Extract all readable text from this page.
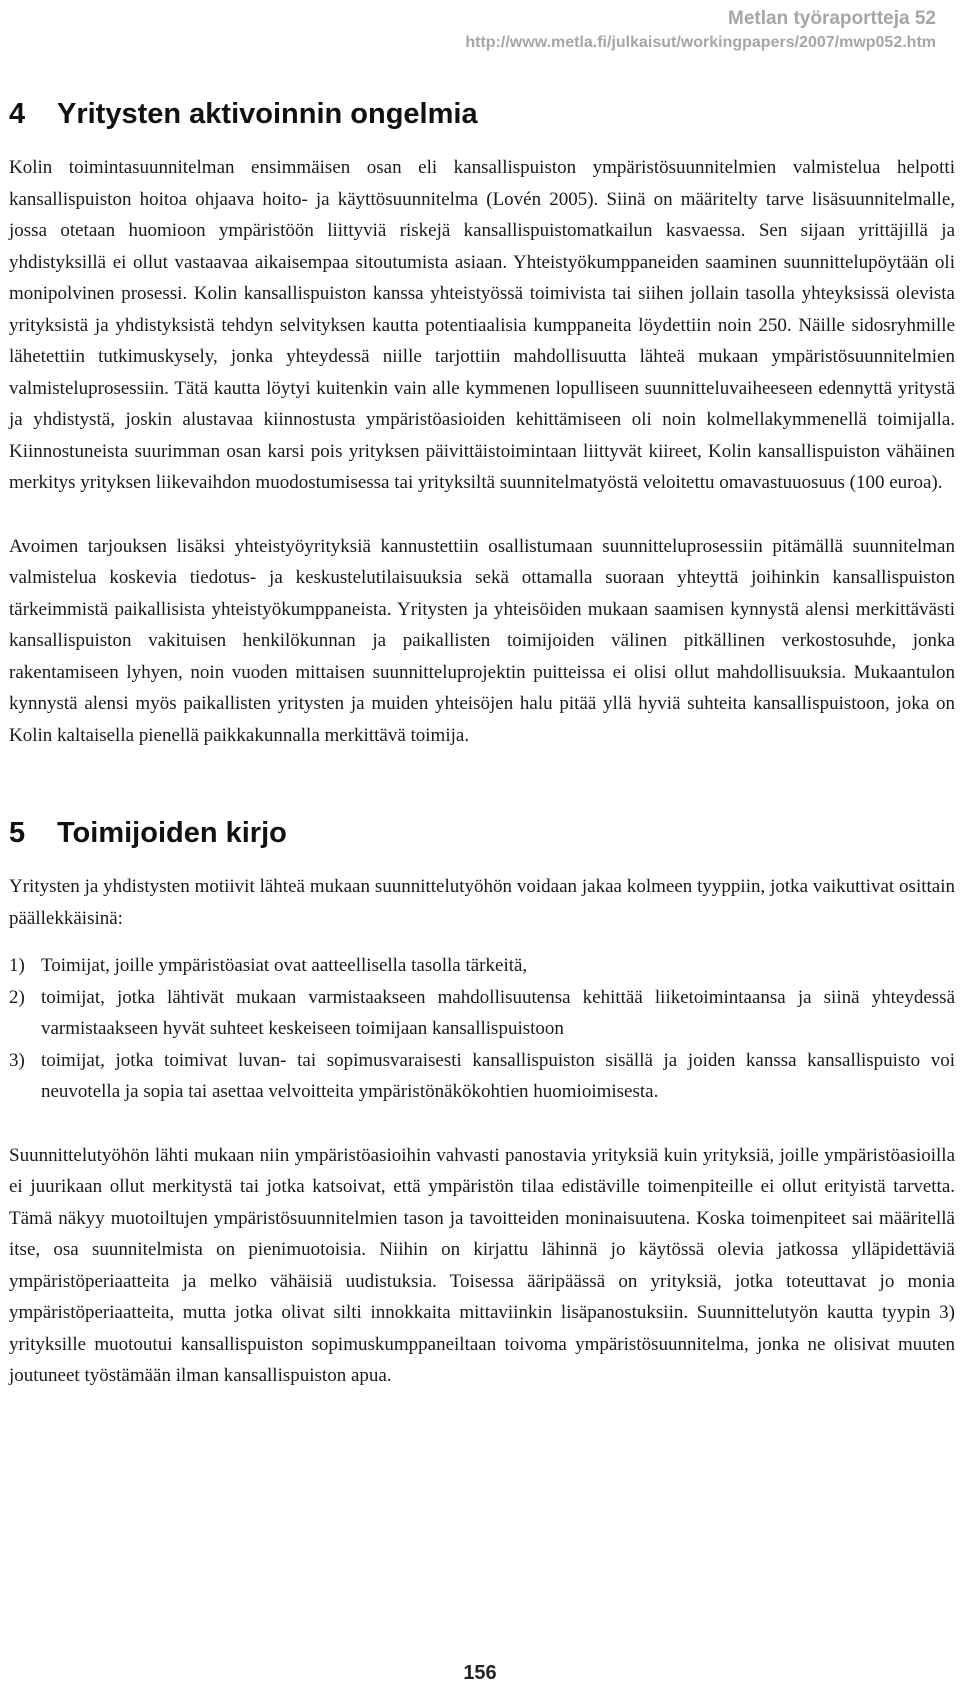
Metlan työraportteja 52
http://www.metla.fi/julkaisut/workingpapers/2007/mwp052.htm
4 Yritysten aktivoinnin ongelmia

Kolin toimintasuunnitelman ensimmäisen osan eli kansallispuiston ympäristösuunnitelmien valmistelua helpotti kansallispuiston hoitoa ohjaava hoito- ja käyttösuunnitelma (Lovén 2005). Siinä on määritelty tarve lisäsuunnitelmalle, jossa otetaan huomioon ympäristöön liittyviä riskejä kansallispuistomatkailun kasvaessa. Sen sijaan yrittäjillä ja yhdistyksillä ei ollut vastaavaa aikaisempaa sitoutumista asiaan. Yhteistyökumppaneiden saaminen suunnittelupöytään oli monipolvinen prosessi. Kolin kansallispuiston kanssa yhteistyössä toimivista tai siihen jollain tasolla yhteyksissä olevista yrityksistä ja yhdistyksistä tehdyn selvityksen kautta potentiaalisia kumppaneita löydettiin noin 250. Näille sidosryhmille lähetettiin tutkimuskysely, jonka yhteydessä niille tarjottiin mahdollisuutta lähteä mukaan ympäristösuunnitelmien valmisteluprosessiin. Tätä kautta löytyi kuitenkin vain alle kymmenen lopulliseen suunnitteluvaiheeseen edennyttä yritystä ja yhdistystä, joskin alustavaa kiinnostusta ympäristöasioiden kehittämiseen oli noin kolmellakymmenellä toimijalla. Kiinnostuneista suurimman osan karsi pois yrityksen päivittäistoimintaan liittyvät kiireet, Kolin kansallispuiston vähäinen merkitys yrityksen liikevaihdon muodostumisessa tai yrityksiltä suunnitelmatyöstä veloitettu omavastuuosuus (100 euroa).

Avoimen tarjouksen lisäksi yhteistyöyrityksiä kannustettiin osallistumaan suunnitteluprosessiin pitämällä suunnitelman valmistelua koskevia tiedotus- ja keskustelutilaisuuksia sekä ottamalla suoraan yhteyttä joihinkin kansallispuiston tärkeimmistä paikallisista yhteistyökumppaneista. Yritysten ja yhteisöiden mukaan saamisen kynnystä alensi merkittävästi kansallispuiston vakituisen henkilökunnan ja paikallisten toimijoiden välinen pitkällinen verkostosuhde, jonka rakentamiseen lyhyen, noin vuoden mittaisen suunnitteluprojektin puitteissa ei olisi ollut mahdollisuuksia. Mukaantulon kynnystä alensi myös paikallisten yritysten ja muiden yhteisöjen halu pitää yllä hyviä suhteita kansallispuistoon, joka on Kolin kaltaisella pienellä paikkakunnalla merkittävä toimija.

5 Toimijoiden kirjo

Yritysten ja yhdistysten motiivit lähteä mukaan suunnittelutyöhön voidaan jakaa kolmeen tyyppiin, jotka vaikuttivat osittain päällekkäisinä:

1) Toimijat, joille ympäristöasiat ovat aatteellisella tasolla tärkeitä,
2) toimijat, jotka lähtivät mukaan varmistaakseen mahdollisuutensa kehittää liiketoimintaansa ja siinä yhteydessä varmistaakseen hyvät suhteet keskeiseen toimijaan kansallispuistoon
3) toimijat, jotka toimivat luvan- tai sopimusvaraisesti kansallispuiston sisällä ja joiden kanssa kansallispuisto voi neuvotella ja sopia tai asettaa velvoitteita ympäristönäkökohtien huomioimisesta.

Suunnittelutyöhön lähti mukaan niin ympäristöasioihin vahvasti panostavia yrityksiä kuin yrityksiä, joille ympäristöasioilla ei juurikaan ollut merkitystä tai jotka katsoivat, että ympäristön tilaa edistäville toimenpiteille ei ollut erityistä tarvetta. Tämä näkyy muotoiltujen ympäristösuunnitelmien tason ja tavoitteiden moninaisuutena. Koska toimenpiteet sai määritellä itse, osa suunnitelmista on pienimuotoisia. Niihin on kirjattu lähinnä jo käytössä olevia jatkossa ylläpidettäviä ympäristöperiaatteita ja melko vähäisiä uudistuksia. Toisessa ääripäässä on yrityksiä, jotka toteuttavat jo monia ympäristöperiaatteita, mutta jotka olivat silti innokkaita mittaviinkin lisäpanostuksiin. Suunnittelutyön kautta tyypin 3) yrityksille muotoutui kansallispuiston sopimuskumppaneiltaan toivoma ympäristösuunnitelma, jonka ne olisivat muuten joutuneet työstämään ilman kansallispuiston apua.

156
